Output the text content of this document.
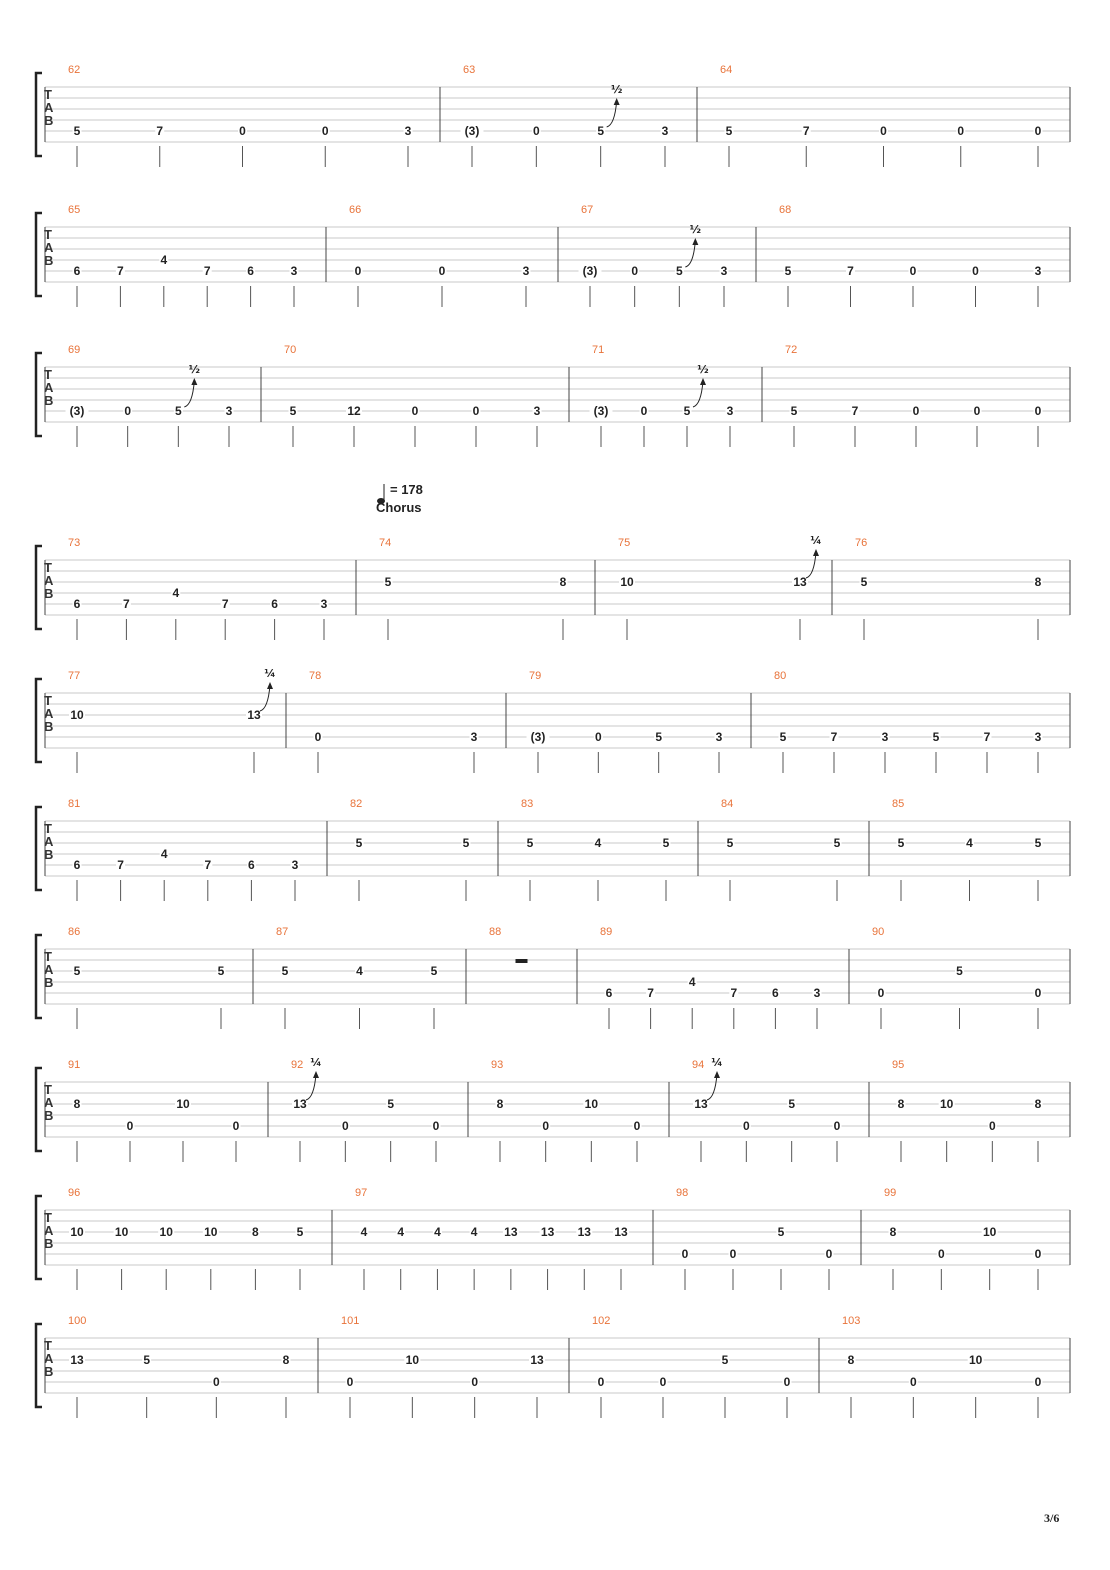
= 178
Chorus
3/6
T
A
B
62
5	7	0	0	3
63
(3)	0	5
½
3
64
5	7	0	0	0
T
A
B
65
6	7
4
7	6	3
66
0	0	3
67
(3)	0	5
½
3
68
5	7	0	0	3
T
A
B
69
(3)	0	5
½
3
70
5	12	0	0	3
71
(3)	0	5
½
3
72
5	7	0	0	0
T
A
B
73
6	7
4
7	6	3
74
5	8
75
10	13
¼	76
5	8
T
A
B
77
10	13
¼	78
0	3
79
(3)	0	5	3
80
5	7	3	5	7	3
T
A
B
81
6	7
4
7	6	3
82
5	5
83
5	4	5
84
5	5
85
5	4	5
T
A
B
86
5	5
87
5	4	5
88	89
6	7
4
7	6	3
90
0
5
0
T
A
B
91
8
0
10
0
92
13
¼
0
5
0
93
8
0
10
0
94
13
¼
0
5
0
95
8	10
0
8
T
A
B
96
10	10	10	10	8	5
97
4	4	4	4 13 13 13 13
98
0	0
5
0
99
8
0
10
0
T
A
B
100
13	5
0
8
101
0
10
0
13
102
0	0
5
0
103
8
0
10
0
